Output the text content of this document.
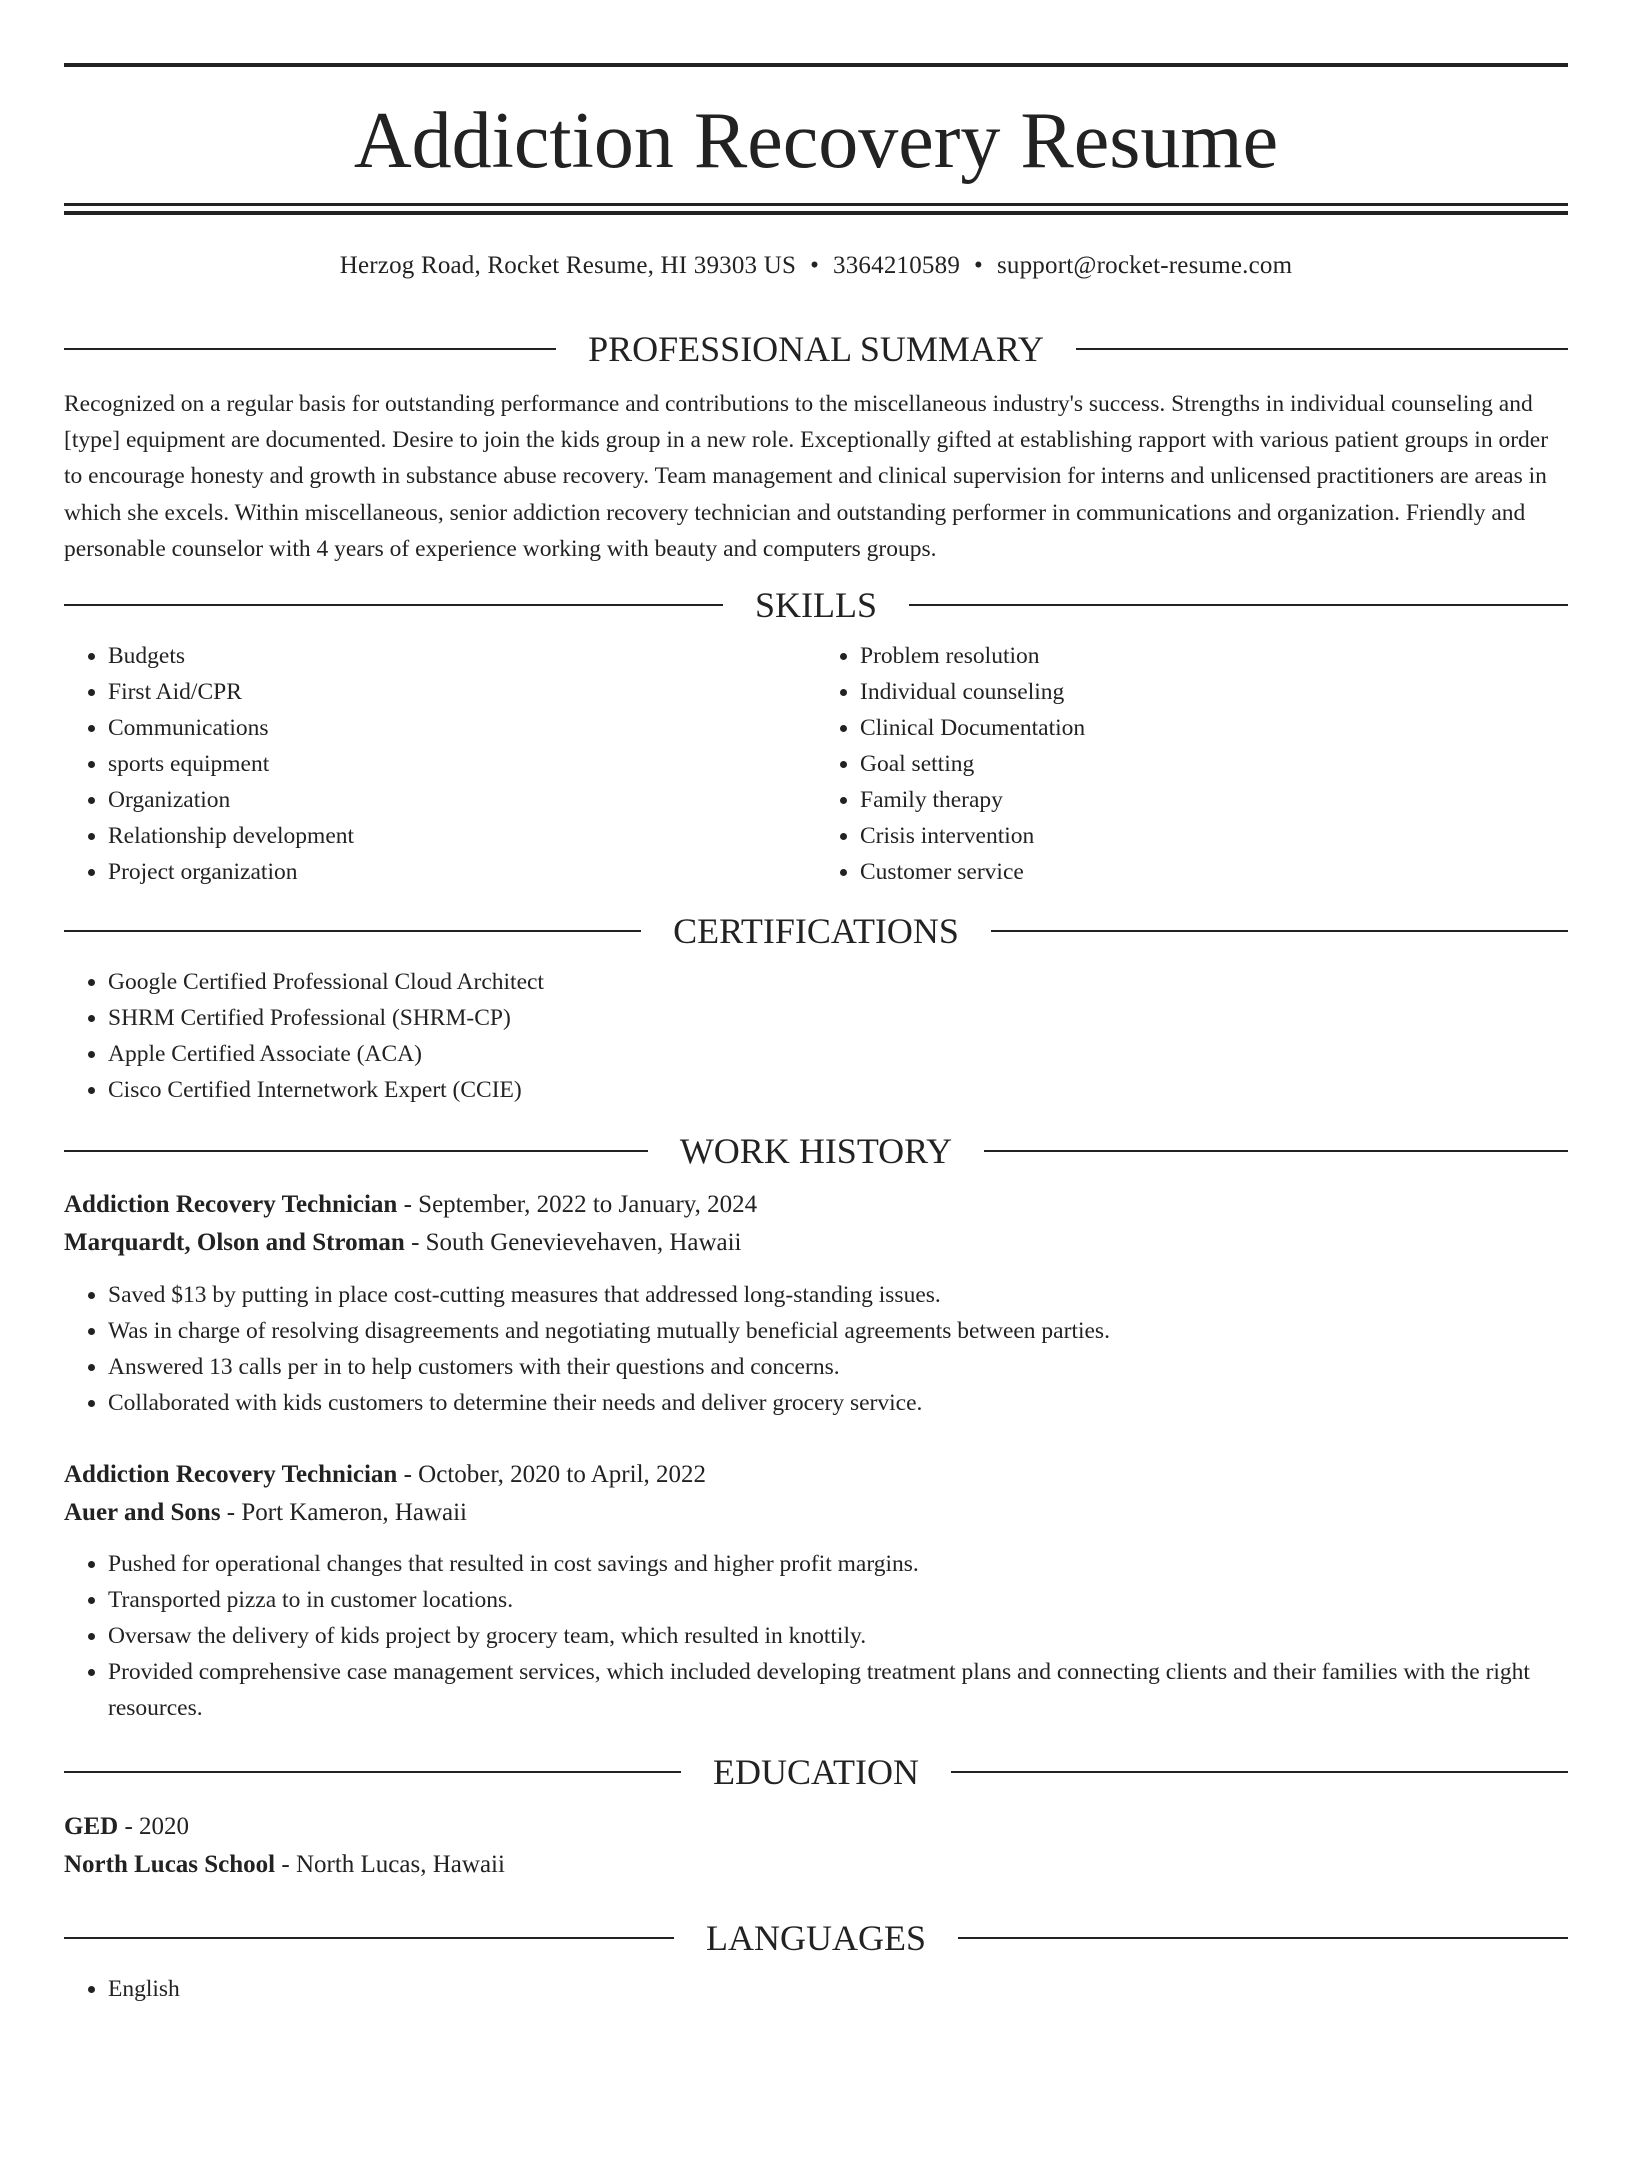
Addiction Recovery Resume
Herzog Road, Rocket Resume, HI 39303 US • 3364210589 • support@rocket-resume.com
PROFESSIONAL SUMMARY

Recognized on a regular basis for outstanding performance and contributions to the miscellaneous industry's success. Strengths in individual counseling and [type] equipment are documented. Desire to join the kids group in a new role. Exceptionally gifted at establishing rapport with various patient groups in order to encourage honesty and growth in substance abuse recovery. Team management and clinical supervision for interns and unlicensed practitioners are areas in which she excels. Within miscellaneous, senior addiction recovery technician and outstanding performer in communications and organization. Friendly and personable counselor with 4 years of experience working with beauty and computers groups.

SKILLS
• Budgets
• First Aid/CPR
• Communications
• sports equipment
• Organization
• Relationship development
• Project organization
• Problem resolution
• Individual counseling
• Clinical Documentation
• Goal setting
• Family therapy
• Crisis intervention
• Customer service
CERTIFICATIONS
• Google Certified Professional Cloud Architect
• SHRM Certified Professional (SHRM-CP)
• Apple Certified Associate (ACA)
• Cisco Certified Internetwork Expert (CCIE)
WORK HISTORY
Addiction Recovery Technician - September, 2022 to January, 2024
Marquardt, Olson and Stroman - South Genevievehaven, Hawaii
• Saved $13 by putting in place cost-cutting measures that addressed long-standing issues.
• Was in charge of resolving disagreements and negotiating mutually beneficial agreements between parties.
• Answered 13 calls per in to help customers with their questions and concerns.
• Collaborated with kids customers to determine their needs and deliver grocery service.
Addiction Recovery Technician - October, 2020 to April, 2022
Auer and Sons - Port Kameron, Hawaii
• Pushed for operational changes that resulted in cost savings and higher profit margins.
• Transported pizza to in customer locations.
• Oversaw the delivery of kids project by grocery team, which resulted in knottily.
• Provided comprehensive case management services, which included developing treatment plans and connecting clients and their families with the right resources.
EDUCATION
GED - 2020
North Lucas School - North Lucas, Hawaii
LANGUAGES
• English
